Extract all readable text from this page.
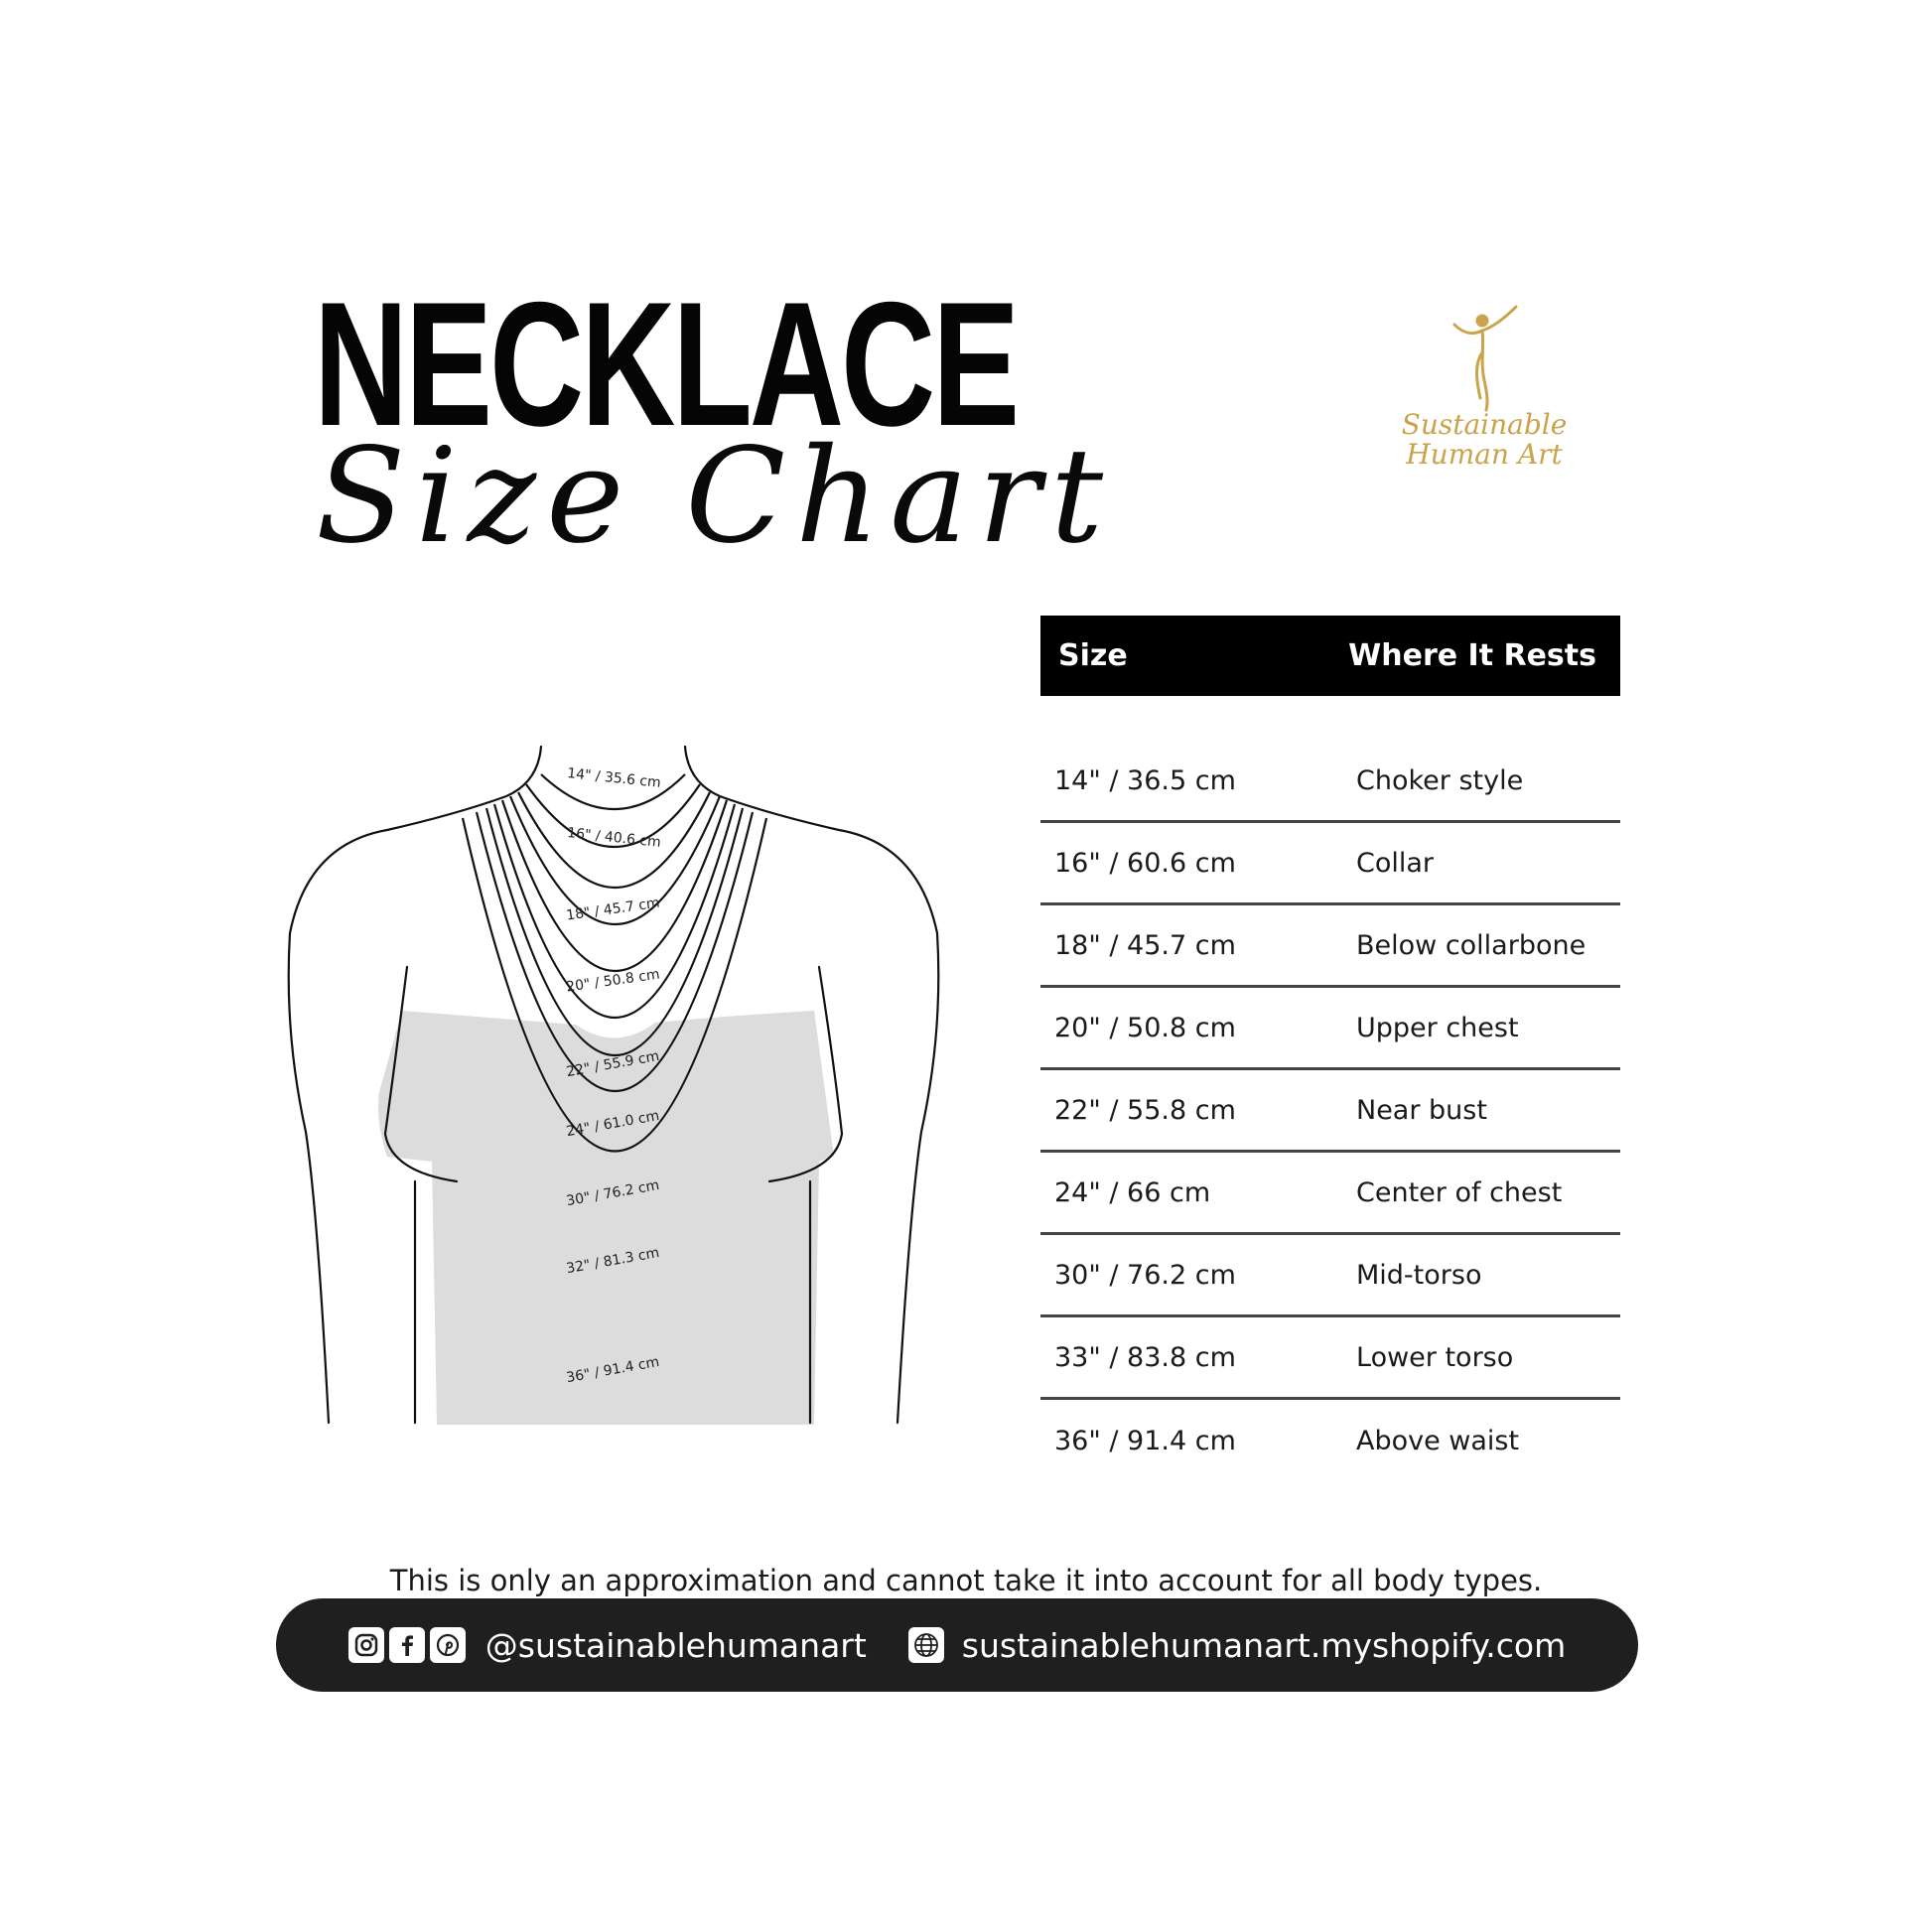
NECKLACE
Size Chart	Sustainable
Human Art
14" / 35.6 cm
16" / 40.6 cm
18" / 45.7 cm
20" / 50.8 cm
22" / 55.9 cm
24" / 61.0 cm
30" / 76.2 cm
32" / 81.3 cm
36" / 91.4 cm
Size	Where It Rests
14" / 36.5 cm	Choker style
16" / 60.6 cm	Collar
18" / 45.7 cm	Below collarbone
20" / 50.8 cm	Upper chest
22" / 55.8 cm	Near bust
24" / 66 cm	Center of chest
30" / 76.2 cm	Mid-torso
33" / 83.8 cm	Lower torso
36" / 91.4 cm	Above waist

This is only an approximation and cannot take it into account for all body types.

@sustainablehumanart	sustainablehumanart.myshopify.com
